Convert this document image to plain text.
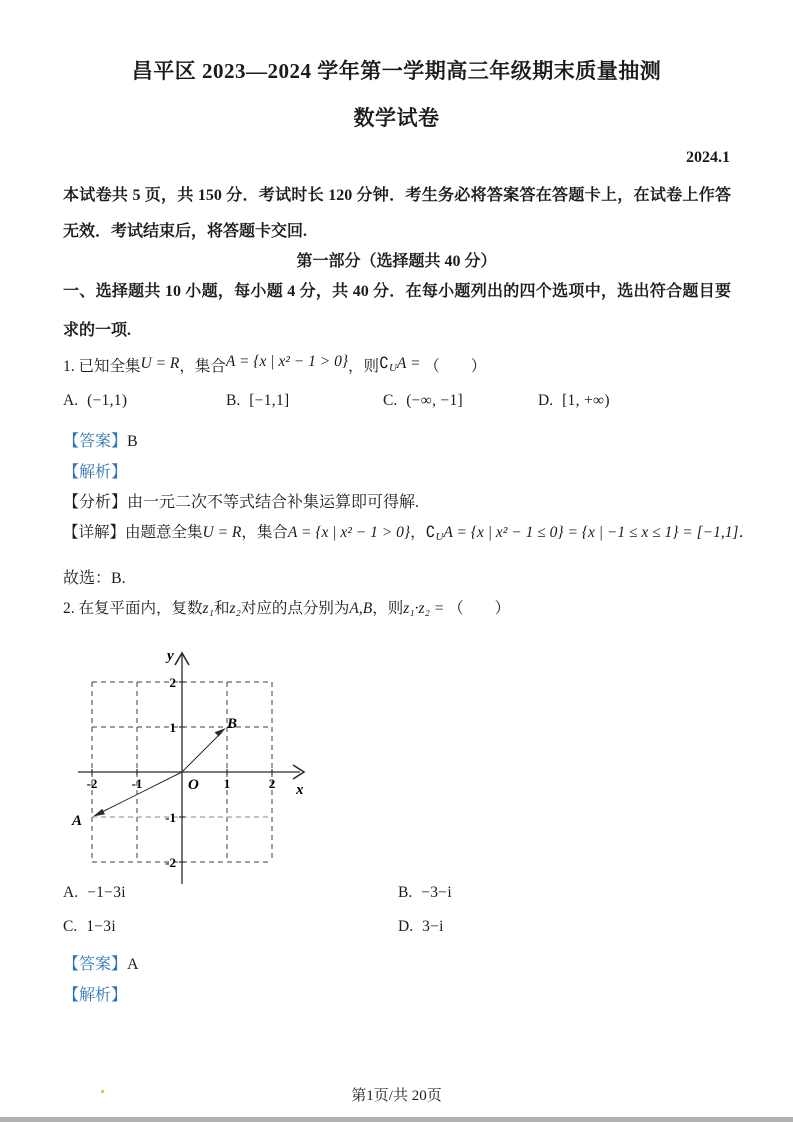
昌平区 2023—2024 学年第一学期高三年级期末质量抽测
数学试卷
2024.1
本试卷共 5 页，共 150 分．考试时长 120 分钟．考生务必将答案答在答题卡上，在试卷上作答
无效．考试结束后，将答题卡交回.
第一部分（选择题共 40 分）
一、选择题共 10 小题，每小题 4 分，共 40 分．在每小题列出的四个选项中，选出符合题目要
求的一项.
1. 已知全集U = R，集合A = {x | x² − 1 > 0}，则∁UA = （　　）
A. (−1,1)	B. [−1,1]	C. (−∞, −1]	D. [1, +∞)
【答案】B
【解析】
【分析】由一元二次不等式结合补集运算即可得解.
【详解】由题意全集U = R，集合A = {x | x² − 1 > 0}，∁UA = {x | x² − 1 ≤ 0} = {x | −1 ≤ x ≤ 1} = [−1,1]．
故选：B.
2. 在复平面内，复数z₁和z₂对应的点分别为A,B，则z₁·z₂ = （　　）
y
x
O
B
A
-2	-1	1	2
2
1
-1
-2
A. −1−3i	B. −3−i
C. 1−3i	D. 3−i
【答案】A
【解析】
第1页/共 20页
